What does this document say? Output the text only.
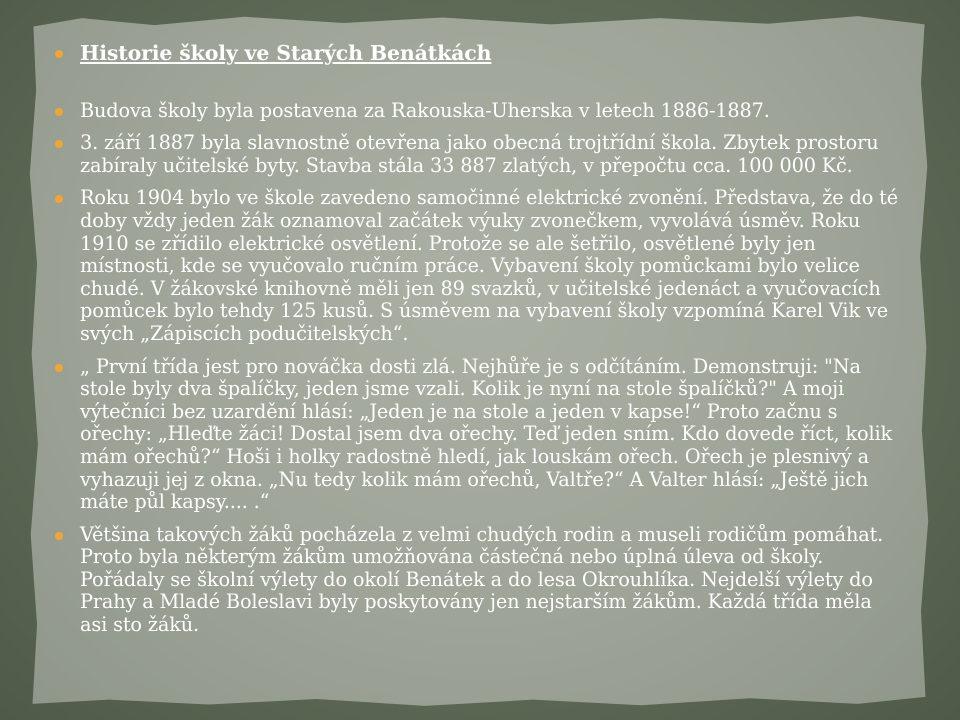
Historie školy ve Starých Benátkách

Budova školy byla postavena za Rakouska-Uherska v letech 1886-1887.

3. září 1887 byla slavnostně otevřena jako obecná trojtřídní škola. Zbytek prostoru zabíraly učitelské byty. Stavba stála 33 887 zlatých, v přepočtu cca. 100 000 Kč.

Roku 1904 bylo ve škole zavedeno samočinné elektrické zvonění. Představa, že do té doby vždy jeden žák oznamoval začátek výuky zvonečkem, vyvolává úsměv. Roku 1910 se zřídilo elektrické osvětlení. Protože se ale šetřilo, osvětlené byly jen místnosti, kde se vyučovalo ručním práce. Vybavení školy pomůckami bylo velice chudé. V žákovské knihovně měli jen 89 svazků, v učitelské jedenáct a vyučovacích pomůcek bylo tehdy 125 kusů. S úsměvem na vybavení školy vzpomíná Karel Vik ve svých „Zápiscích podučitelských“.

„ První třída jest pro nováčka dosti zlá. Nejhůře je s odčítáním. Demonstruji: "Na stole byly dva špalíčky, jeden jsme vzali. Kolik je nyní na stole špalíčků?" A moji výtečníci bez uzardění hlásí: „Jeden je na stole a jeden v kapse!“ Proto začnu s ořechy: „Hleďte žáci! Dostal jsem dva ořechy. Teď jeden sním. Kdo dovede říct, kolik mám ořechů?“ Hoši i holky radostně hledí, jak louskám ořech. Ořech je plesnivý a vyhazuji jej z okna. „Nu tedy kolik mám ořechů, Valtře?“ A Valter hlásí: „Ještě jich máte půl kapsy.... .“

Většina takových žáků pocházela z velmi chudých rodin a museli rodičům pomáhat. Proto byla některým žákům umožňována částečná nebo úplná úleva od školy. Pořádaly se školní výlety do okolí Benátek a do lesa Okrouhlíka. Nejdelší výlety do Prahy a Mladé Boleslavi byly poskytovány jen nejstarším žákům. Každá třída měla asi sto žáků.
